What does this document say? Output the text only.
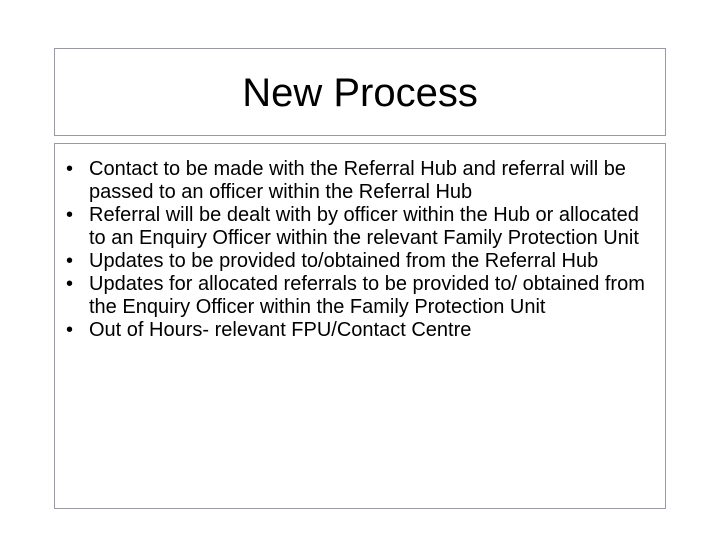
New Process
• Contact to be made with the Referral Hub and referral will be passed to an officer within the Referral Hub
• Referral will be dealt with by officer within the Hub or allocated to an Enquiry Officer within the relevant Family Protection Unit
• Updates to be provided to/obtained from the Referral Hub
• Updates for allocated referrals to be provided to/ obtained from the Enquiry Officer within the Family Protection Unit
• Out of Hours- relevant FPU/Contact Centre
